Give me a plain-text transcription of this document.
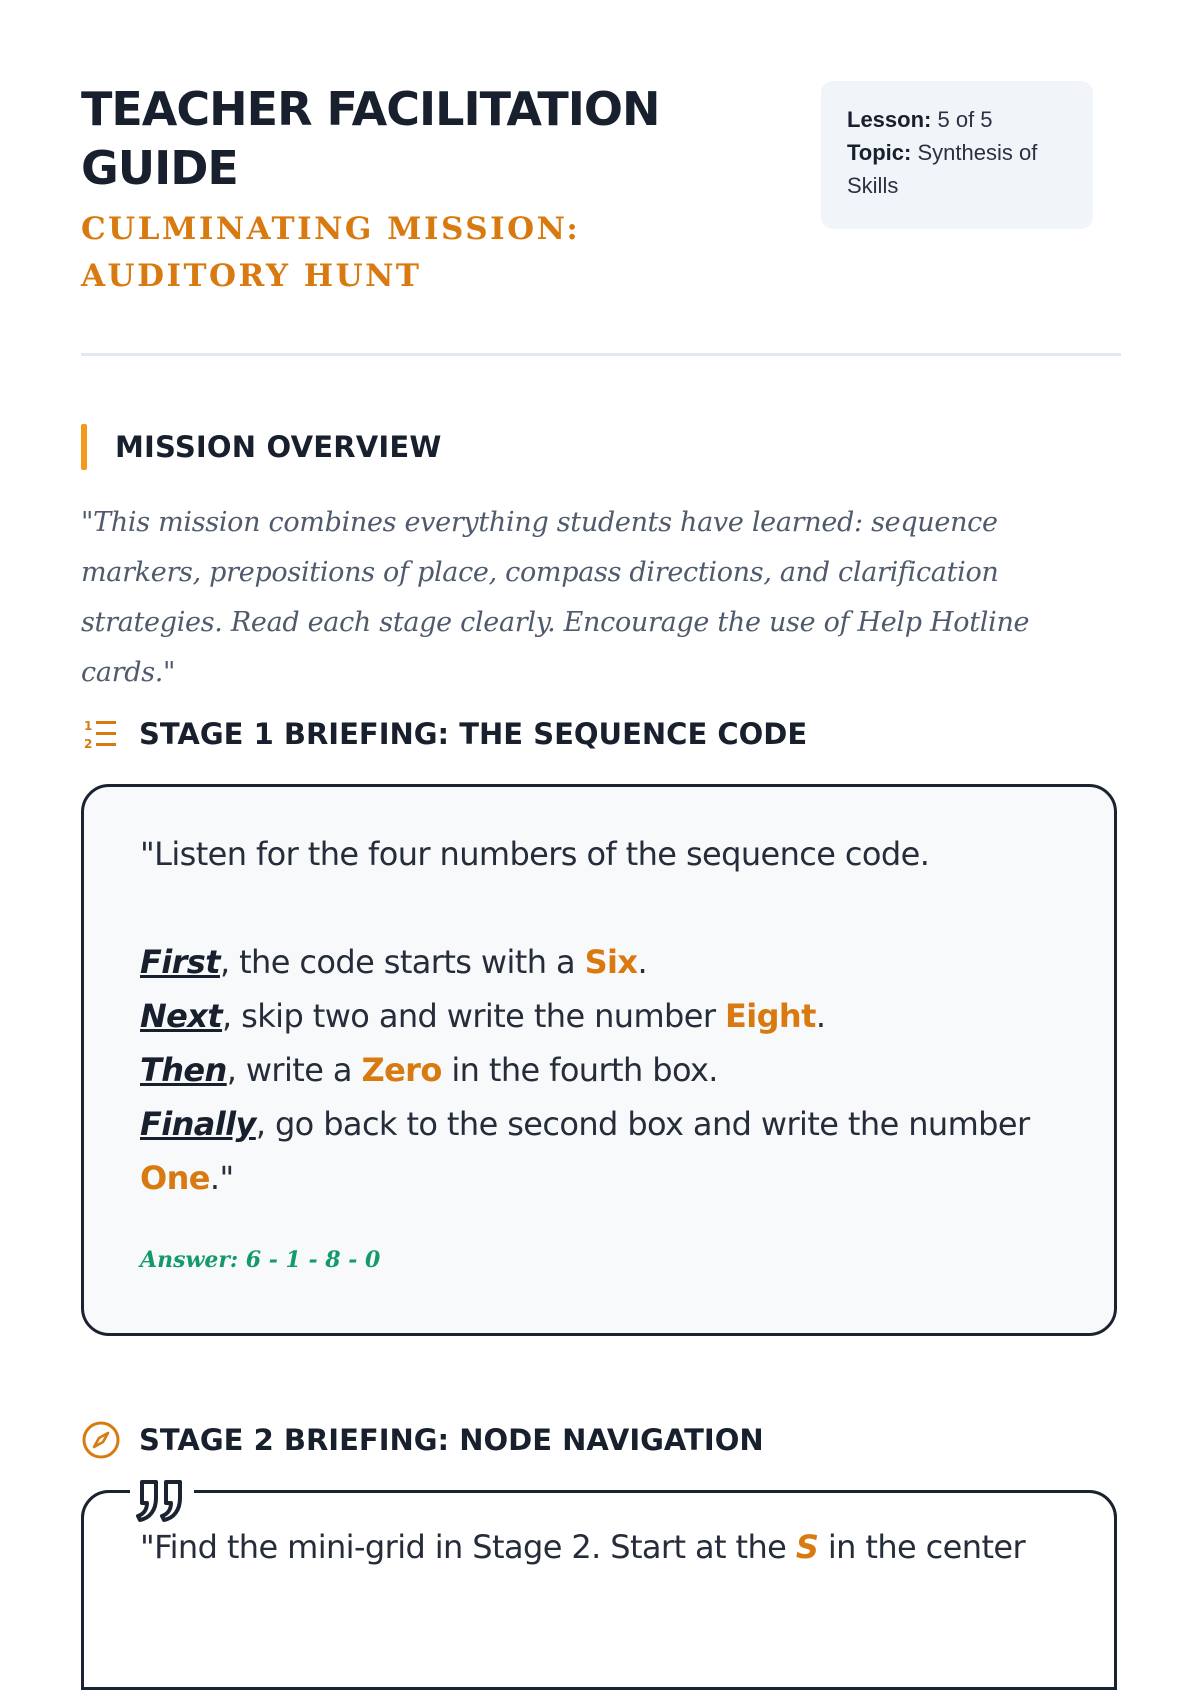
TEACHER FACILITATION GUIDE
CULMINATING MISSION: AUDITORY HUNT
Lesson: 5 of 5
Topic: Synthesis of Skills
MISSION OVERVIEW
"This mission combines everything students have learned: sequence markers, prepositions of place, compass directions, and clarification strategies. Read each stage clearly. Encourage the use of Help Hotline cards."
1
2 STAGE 1 BRIEFING: THE SEQUENCE CODE
"Listen for the four numbers of the sequence code.
First, the code starts with a Six.
Next, skip two and write the number Eight.
Then, write a Zero in the fourth box.
Finally, go back to the second box and write the number One."
Answer: 6 - 1 - 8 - 0
STAGE 2 BRIEFING: NODE NAVIGATION
"Find the mini-grid in Stage 2. Start at the S in the center
